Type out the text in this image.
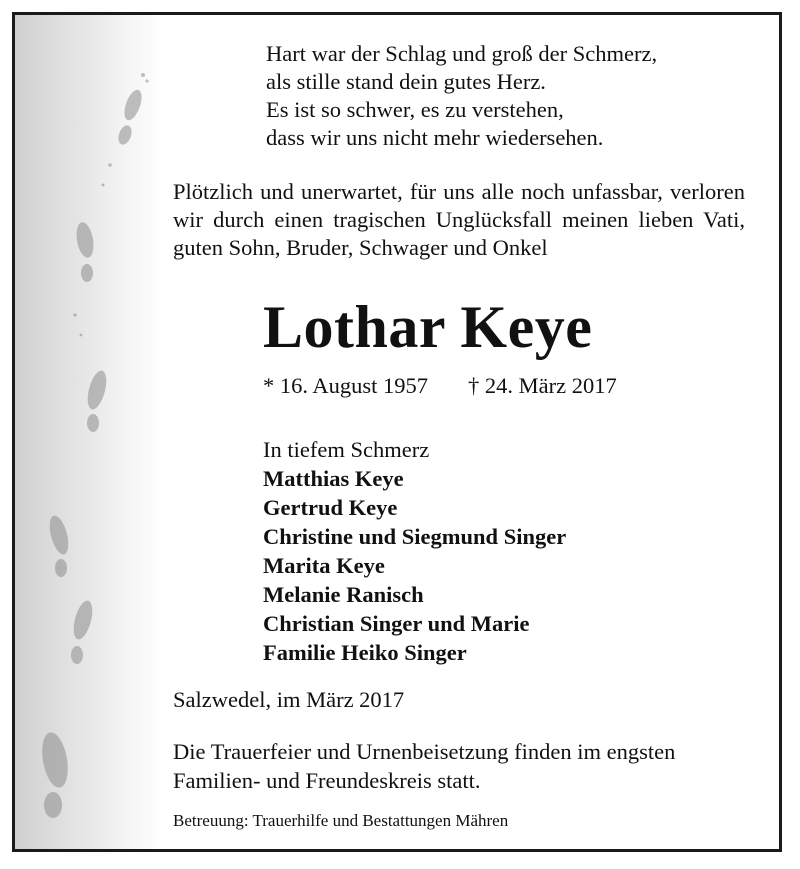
Hart war der Schlag und groß der Schmerz,
als stille stand dein gutes Herz.
Es ist so schwer, es zu verstehen,
dass wir uns nicht mehr wiedersehen.
Plötzlich und unerwartet, für uns alle noch unfassbar, verloren wir durch einen tragischen Unglücksfall meinen lieben Vati, guten Sohn, Bruder, Schwager und Onkel
Lothar Keye
* 16. August 1957 † 24. März 2017
In tiefem Schmerz
Matthias Keye
Gertrud Keye
Christine und Siegmund Singer
Marita Keye
Melanie Ranisch
Christian Singer und Marie
Familie Heiko Singer
Salzwedel, im März 2017
Die Trauerfeier und Urnenbeisetzung finden im engsten Familien- und Freundeskreis statt.
Betreuung: Trauerhilfe und Bestattungen Mähren
